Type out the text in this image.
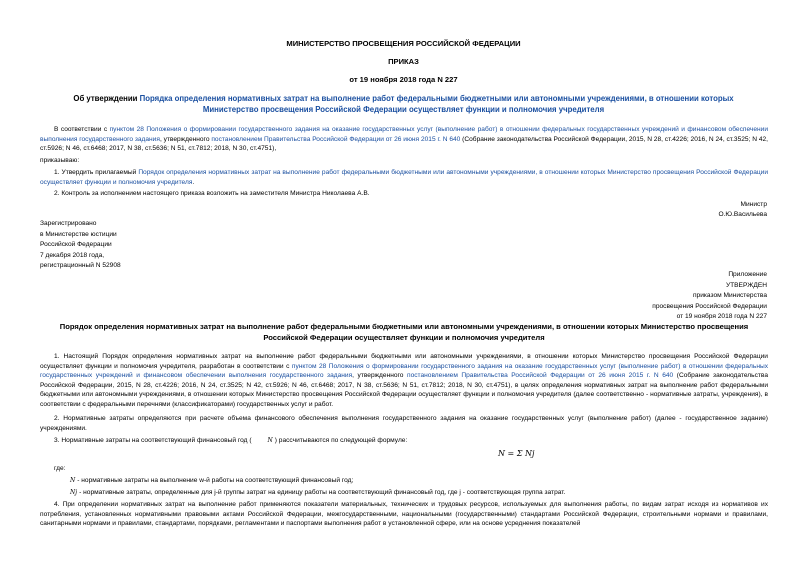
МИНИСТЕРСТВО ПРОСВЕЩЕНИЯ РОССИЙСКОЙ ФЕДЕРАЦИИ
ПРИКАЗ
от 19 ноября 2018 года N 227
Об утверждении Порядка определения нормативных затрат на выполнение работ федеральными бюджетными или автономными учреждениями, в отношении которых Министерство просвещения Российской Федерации осуществляет функции и полномочия учредителя
В соответствии с пунктом 28 Положения о формировании государственного задания на оказание государственных услуг (выполнение работ) в отношении федеральных государственных учреждений и финансовом обеспечении выполнения государственного задания, утвержденного постановлением Правительства Российской Федерации от 26 июня 2015 г. N 640 (Собрание законодательства Российской Федерации, 2015, N 28, ст.4226; 2016, N 24, ст.3525; N 42, ст.5926; N 46, ст.6468; 2017, N 38, ст.5636; N 51, ст.7812; 2018, N 30, ст.4751),
приказываю:
1. Утвердить прилагаемый Порядок определения нормативных затрат на выполнение работ федеральными бюджетными или автономными учреждениями, в отношении которых Министерство просвещения Российской Федерации осуществляет функции и полномочия учредителя.
2. Контроль за исполнением настоящего приказа возложить на заместителя Министра Николаева А.В.
Министр
О.Ю.Васильева
Зарегистрировано
в Министерстве юстиции
Российской Федерации
7 декабря 2018 года,
регистрационный N 52908
Приложение
УТВЕРЖДЕН
приказом Министерства
просвещения Российской Федерации
от 19 ноября 2018 года N 227
Порядок определения нормативных затрат на выполнение работ федеральными бюджетными или автономными учреждениями, в отношении которых Министерство просвещения Российской Федерации осуществляет функции и полномочия учредителя
1. Настоящий Порядок определения нормативных затрат на выполнение работ федеральными бюджетными или автономными учреждениями, в отношении которых Министерство просвещения Российской Федерации осуществляет функции и полномочия учредителя, разработан в соответствии с пунктом 28 Положения о формировании государственного задания на оказание государственных услуг (выполнение работ) в отношении федеральных государственных учреждений и финансовом обеспечении выполнения государственного задания, утвержденного постановлением Правительства Российской Федерации от 26 июня 2015 г. N 640 (Собрание законодательства Российской Федерации, 2015, N 28, ст.4226; 2016, N 24, ст.3525; N 42, ст.5926; N 46, ст.6468; 2017, N 38, ст.5636; N 51, ст.7812; 2018, N 30, ст.4751), в целях определения нормативных затрат на выполнение работ федеральными бюджетными или автономными учреждениями, в отношении которых Министерство просвещения Российской Федерации осуществляет функции и полномочия учредителя (далее соответственно - нормативные затраты, учреждения), в соответствии с федеральными перечнями (классификаторами) государственных услуг и работ.
2. Нормативные затраты определяются при расчете объема финансового обеспечения выполнения государственного задания на оказание государственных услуг (выполнение работ) (далее - государственное задание) учреждениями.
3. Нормативные затраты на соответствующий финансовый год (	N ) рассчитываются по следующей формуле:
N = Σ Nj
где:
N - нормативные затраты на выполнение w-й работы на соответствующий финансовый год;
Nj - нормативные затраты, определенные для j-й группы затрат на единицу работы на соответствующий финансовый год, где j - соответствующая группа затрат.
4. При определении нормативных затрат на выполнение работ применяются показатели материальных, технических и трудовых ресурсов, используемых для выполнения работы, по видам затрат исходя из нормативов их потребления, установленных нормативными правовыми актами Российской Федерации, межгосударственными, национальными (государственными) стандартами Российской Федерации, строительными нормами и правилами, санитарными нормами и правилами, стандартами, порядками, регламентами и паспортами выполнения работ в установленной сфере, или на основе усреднения показателей
